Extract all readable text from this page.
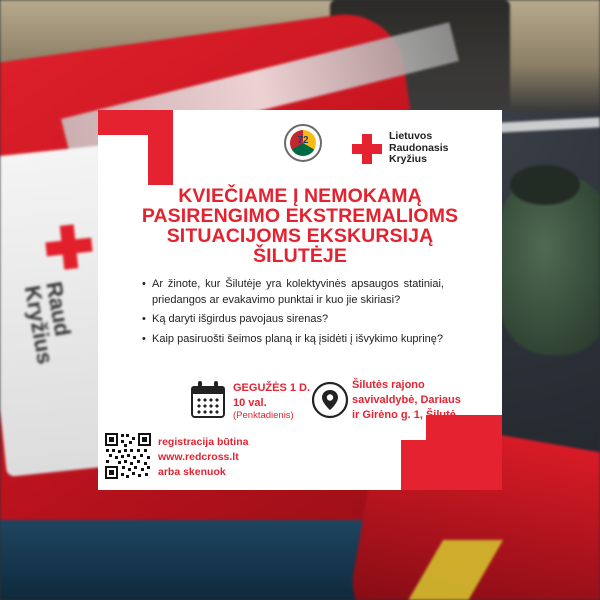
Raud
Kryžius
72	Lietuvos
Raudonasis
Kryžius
KVIEČIAME Į NEMOKAMĄ
PASIRENGIMO EKSTREMALIOMS
SITUACIJOMS EKSKURSIJĄ
ŠILUTĖJE
• Ar žinote, kur Šilutėje yra kolektyvinės apsaugos statiniai, priedangos ar evakavimo punktai ir kuo jie skiriasi?
• Ką daryti išgirdus pavojaus sirenas?
• Kaip pasiruošti šeimos planą ir ką įsidėti į išvykimo kuprinę?
GEGUŽĖS 1 D.
10 val.
(Penktadienis)
Šilutės rajono
savivaldybė, Dariaus
ir Girėno g. 1, Šilutė
registracija būtina
www.redcross.lt
arba skenuok
